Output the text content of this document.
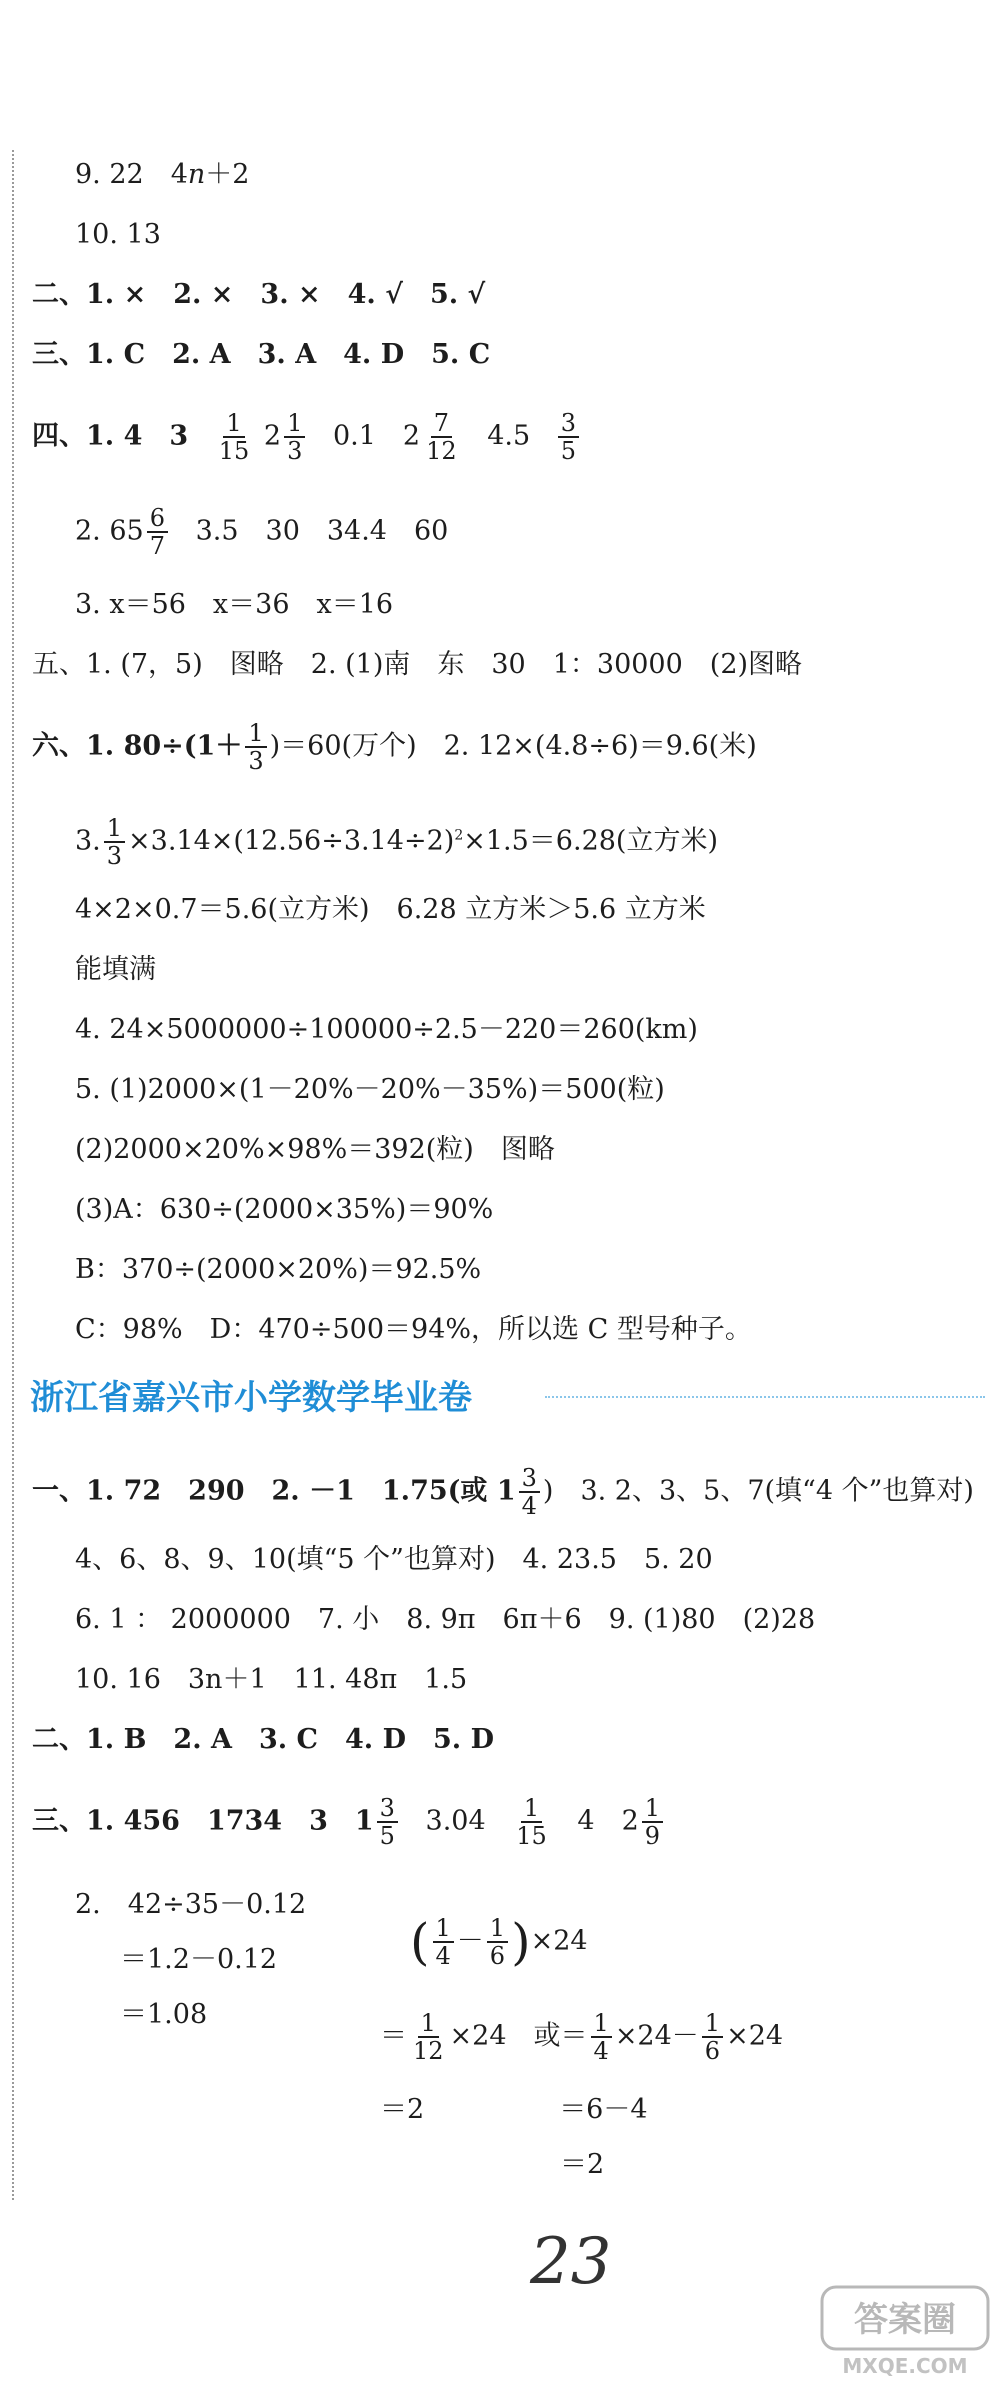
9. 22　4n＋2
10. 13
二、1. ×　2. ×　3. ×　4. √　5. √
三、1. C　2. A　3. A　4. D　5. C
四、1. 4　$3 \frac{1}{15} 2 \frac{1}{3} 0.1$　$2 \frac{7}{12} 4.5 \frac{3}{5}$
2. $65 \frac{6}{7} 3.5$　30　34.4　60
3. x＝56　x＝36　x＝16
五、1. (7，5)　图略　2. (1)南　东　30　1：30000　(2)图略
六、1. $80\div(1+ \frac{1}{3} )=60$(万个)　2. 12×(4.8÷6)＝9.6(米)
3. $\frac{1}{3} \times 3.14\times(12.56\div 3.14\div 2)^2\times 1.5=6.28$(立方米)
4×2×0.7＝5.6(立方米)　6.28 立方米＞5.6 立方米
能填满
4. 24×5000000÷100000÷2.5－220＝260(km)
5. (1)2000×(1－20%－20%－35%)＝500(粒)
(2)2000×20%×98%＝392(粒)　图略
(3)A：630÷(2000×35%)＝90%
B：370÷(2000×20%)＝92.5%
C：98%　D：470÷500＝94%，所以选 C 型号种子。
浙江省嘉兴市小学数学毕业卷
一、1. 72　290　2. －1　1.75(或 $1 \frac{3}{4}$ )　3. 2、3、5、7(填“4 个”也算对)
4、6、8、9、10(填“5 个”也算对)　4. 23.5　5. 20
6. 1 ： 2000000　7. 小　8. 9π　6π＋6　9. (1)80　(2)28
10. 16　3n＋1　11. 48π　1.5
二、1. B　2. A　3. C　4. D　5. D
三、1. 456　1734　3　$1 \frac{3}{5} 3.04 \frac{1}{15} 4$　$2 \frac{1}{9}$
2.　42÷35－0.12
＝1.2－0.12
＝1.08
( $\frac{1}{4} - \frac{1}{6} )\times 24$
＝ $\frac{1}{12} \times 24$　或＝ $\frac{1}{4} \times 24- \frac{1}{6} \times 24$
＝2	＝6－4
＝2
23
答案圈
MXQE.COM
